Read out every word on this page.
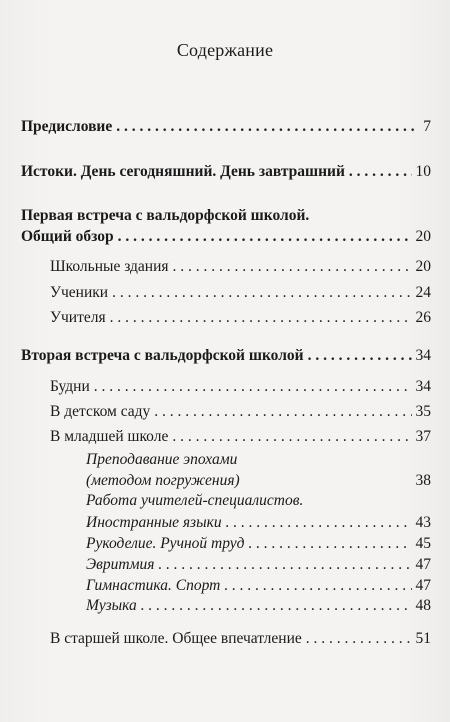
Содержание
Предисловие . . .	7
Истоки. День сегодняшний. День завтрашний . . .	10
Первая встреча с вальдорфской школой.
Общий обзор . . .	20
Школьные здания . . .	20
Ученики . . .	24
Учителя . . .	26
Вторая встреча с вальдорфской школой . . .	34
Будни . . .	34
В детском саду . . .	35
В младшей школе . . .	37
Преподавание эпохами
(методом погружения)	38
Работа учителей-специалистов.
Иностранные языки . . .	43
Рукоделие. Ручной труд . . .	45
Эвритмия . . .	47
Гимнастика. Спорт . . .	47
Музыка . . .	48
В старшей школе. Общее впечатление . . .	51
